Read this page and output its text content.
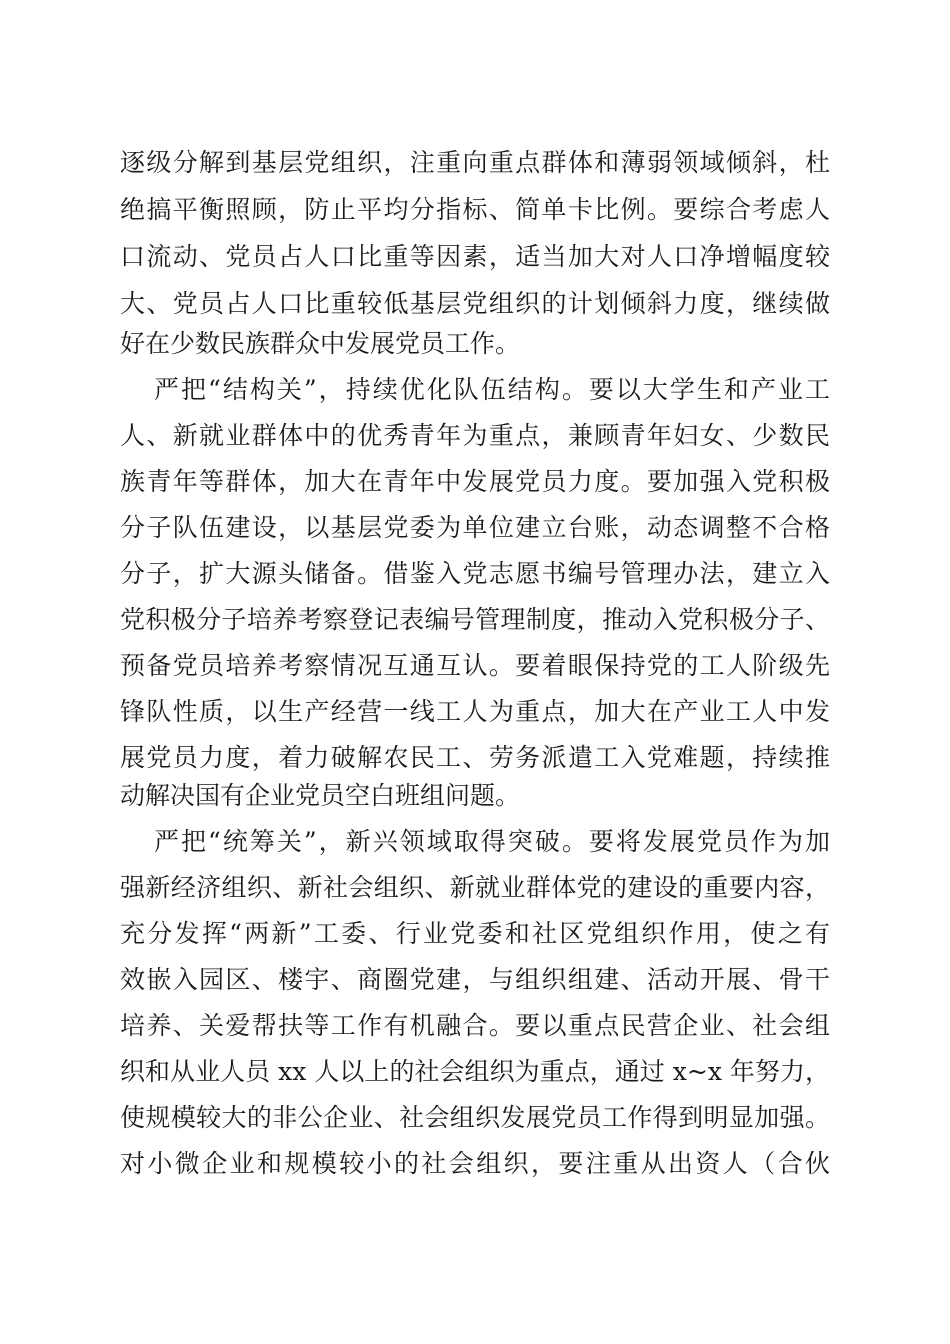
逐级分解到基层党组织，注重向重点群体和薄弱领域倾斜，杜
绝搞平衡照顾，防止平均分指标、简单卡比例。要综合考虑人
口流动、党员占人口比重等因素，适当加大对人口净增幅度较
大、党员占人口比重较低基层党组织的计划倾斜力度，继续做
好在少数民族群众中发展党员工作。
严把“结构关”，持续优化队伍结构。要以大学生和产业工
人、新就业群体中的优秀青年为重点，兼顾青年妇女、少数民
族青年等群体，加大在青年中发展党员力度。要加强入党积极
分子队伍建设，以基层党委为单位建立台账，动态调整不合格
分子，扩大源头储备。借鉴入党志愿书编号管理办法，建立入
党积极分子培养考察登记表编号管理制度，推动入党积极分子、
预备党员培养考察情况互通互认。要着眼保持党的工人阶级先
锋队性质，以生产经营一线工人为重点，加大在产业工人中发
展党员力度，着力破解农民工、劳务派遣工入党难题，持续推
动解决国有企业党员空白班组问题。
严把“统筹关”，新兴领域取得突破。要将发展党员作为加
强新经济组织、新社会组织、新就业群体党的建设的重要内容，
充分发挥“两新”工委、行业党委和社区党组织作用，使之有
效嵌入园区、楼宇、商圈党建，与组织组建、活动开展、骨干
培养、关爱帮扶等工作有机融合。要以重点民营企业、社会组
织和从业人员 xx 人以上的社会组织为重点，通过 x~x 年努力，
使规模较大的非公企业、社会组织发展党员工作得到明显加强。
对小微企业和规模较小的社会组织，要注重从出资人（合伙
